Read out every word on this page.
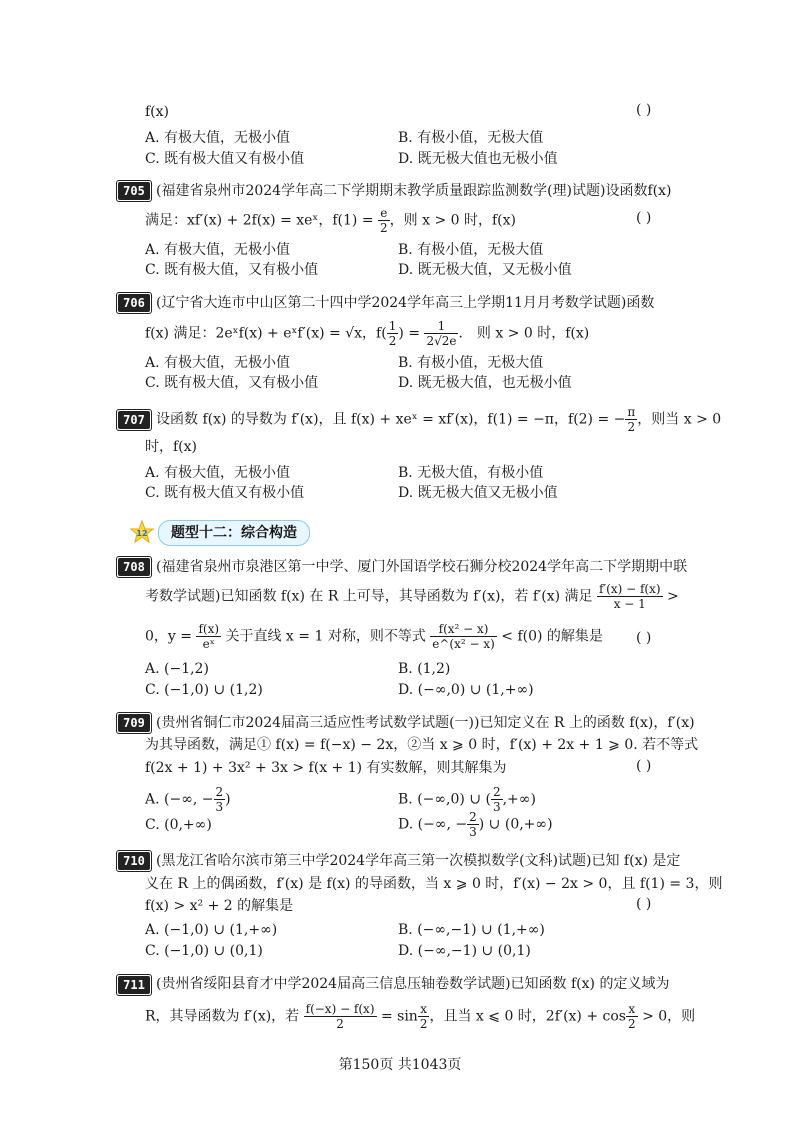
f(x)	( )
A. 有极大值，无极小值	B. 有极小值，无极大值
C. 既有极大值又有极小值	D. 既无极大值也无极小值
705 (福建省泉州市2024学年高二下学期期末教学质量跟踪监测数学(理)试题)设函数f(x)
满足：xf′(x) + 2f(x) = xeˣ，$f(1) = \frac{e}{2}$ ，则 x > 0 时，f(x)	( )
A. 有极大值，无极小值	B. 有极小值，无极大值
C. 既有极大值，又有极小值	D. 既无极大值，又无极小值
706 (辽宁省大连市中山区第二十四中学2024学年高三上学期11月月考数学试题)函数
f(x) 满足：2eˣf(x) + eˣf′(x) = √x，$f( \frac{1}{2}$ ) = $\frac{1}{2√2e}$ ． 则 x > 0 时，f(x)
A. 有极大值，无极小值	B. 有极小值，无极大值
C. 既有极大值，又有极小值	D. 既无极大值，也无极小值
707 设函数 f(x) 的导数为 f′(x)，且 f(x) + xeˣ = xf′(x)，f(1) = −π，f(2) = − $\frac{\pi}{2}$ ，则当 x > 0
时，f(x)
A. 有极大值，无极小值	B. 无极大值，有极小值
C. 既有极大值又有极小值	D. 既无极大值又无极小值
12	题型十二：综合构造
708 (福建省泉州市泉港区第一中学、厦门外国语学校石狮分校2024学年高二下学期期中联
考数学试题)已知函数 f(x) 在 R 上可导，其导函数为 f′(x)，若 f′(x) 满足 $\frac{f'(x) - f(x)}{x - 1}$ >
0，$y = \frac{f(x)}{\text{eˣ}}$ 关于直线 x = 1 对称，则不等式 $\frac{\text{f(x² − x)}}{\text{e\textasciicircum{}(x² − x)}} < f(0)$ 的解集是 ( )
A. (−1,2)	B. (1,2)
C. (−1,0) ∪ (1,2)	D. (−∞,0) ∪ (1,+∞)
709 (贵州省铜仁市2024届高三适应性考试数学试题(一))已知定义在 R 上的函数 f(x)，f′(x)
为其导函数，满足① f(x) = f(−x) − 2x，②当 x ⩾ 0 时，f′(x) + 2x + 1 ⩾ 0. 若不等式
f(2x + 1) + 3x² + 3x > f(x + 1) 有实数解，则其解集为	( )
A. (−∞, − $\frac{2}{3}$ )	B. (−∞,0) ∪ ( $\frac{2}{3}$ ,+∞)
C. (0,+∞)	D. (−∞, − $\frac{2}{3}$ ) ∪ (0,+∞)
710 (黑龙江省哈尔滨市第三中学2024学年高三第一次模拟数学(文科)试题)已知 f(x) 是定
义在 R 上的偶函数，f′(x) 是 f(x) 的导函数，当 x ⩾ 0 时，f′(x) − 2x > 0，且 f(1) = 3，则
f(x) > x² + 2 的解集是	( )
A. (−1,0) ∪ (1,+∞)	B. (−∞,−1) ∪ (1,+∞)
C. (−1,0) ∪ (0,1)	D. (−∞,−1) ∪ (0,1)
711 (贵州省绥阳县育才中学2024届高三信息压轴卷数学试题)已知函数 f(x) 的定义域为
R，其导函数为 f′(x)，若 $\frac{f(-x) - f(x)}{2} = \sin \frac{x}{2}$ ，且当 x ⩽ 0 时，$2f'(x) + \cos \frac{x}{2} > 0$，则
第150页 共1043页
